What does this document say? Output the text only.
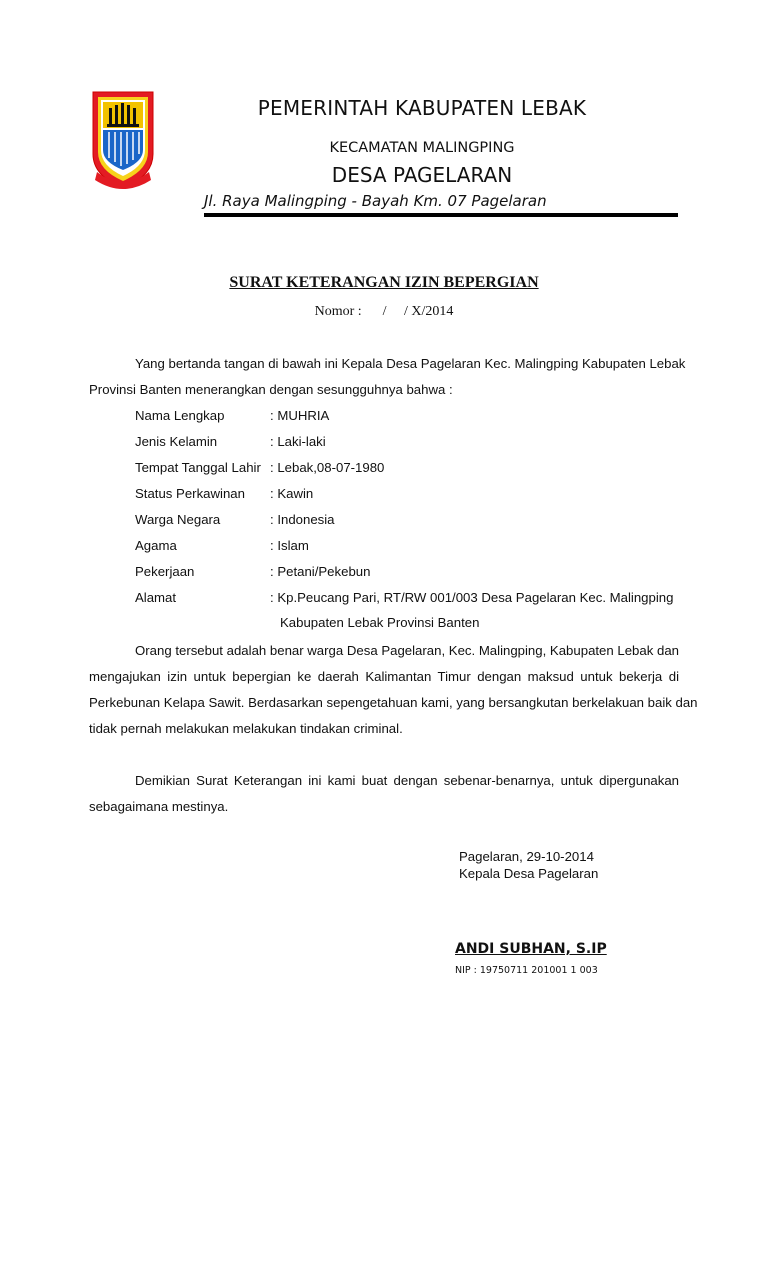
PEMERINTAH KABUPATEN LEBAK
KECAMATAN MALINGPING
DESA PAGELARAN
Jl. Raya Malingping - Bayah Km. 07 Pagelaran
SURAT KETERANGAN IZIN BEPERGIAN
Nomor :      /     / X/2014
Yang bertanda tangan di bawah ini Kepala Desa Pagelaran Kec. Malingping Kabupaten Lebak
Provinsi Banten menerangkan dengan sesungguhnya bahwa :
Nama Lengkap	: MUHRIA
Jenis Kelamin	: Laki-laki
Tempat Tanggal Lahir : Lebak,08-07-1980
Status Perkawinan : Kawin
Warga Negara	: Indonesia
Agama	: Islam
Pekerjaan	: Petani/Pekebun
Alamat	: Kp.Peucang Pari, RT/RW 001/003 Desa Pagelaran Kec. Malingping
Kabupaten Lebak Provinsi Banten
Orang tersebut adalah benar warga Desa Pagelaran, Kec. Malingping, Kabupaten Lebak dan
mengajukan izin untuk bepergian ke daerah Kalimantan Timur dengan maksud untuk bekerja di
Perkebunan Kelapa Sawit. Berdasarkan sepengetahuan kami, yang bersangkutan berkelakuan baik dan
tidak pernah melakukan melakukan tindakan criminal.
Demikian Surat Keterangan ini kami buat dengan sebenar-benarnya, untuk dipergunakan
sebagaimana mestinya.
Pagelaran, 29-10-2014
Kepala Desa Pagelaran
ANDI SUBHAN, S.IP
NIP : 19750711 201001 1 003
